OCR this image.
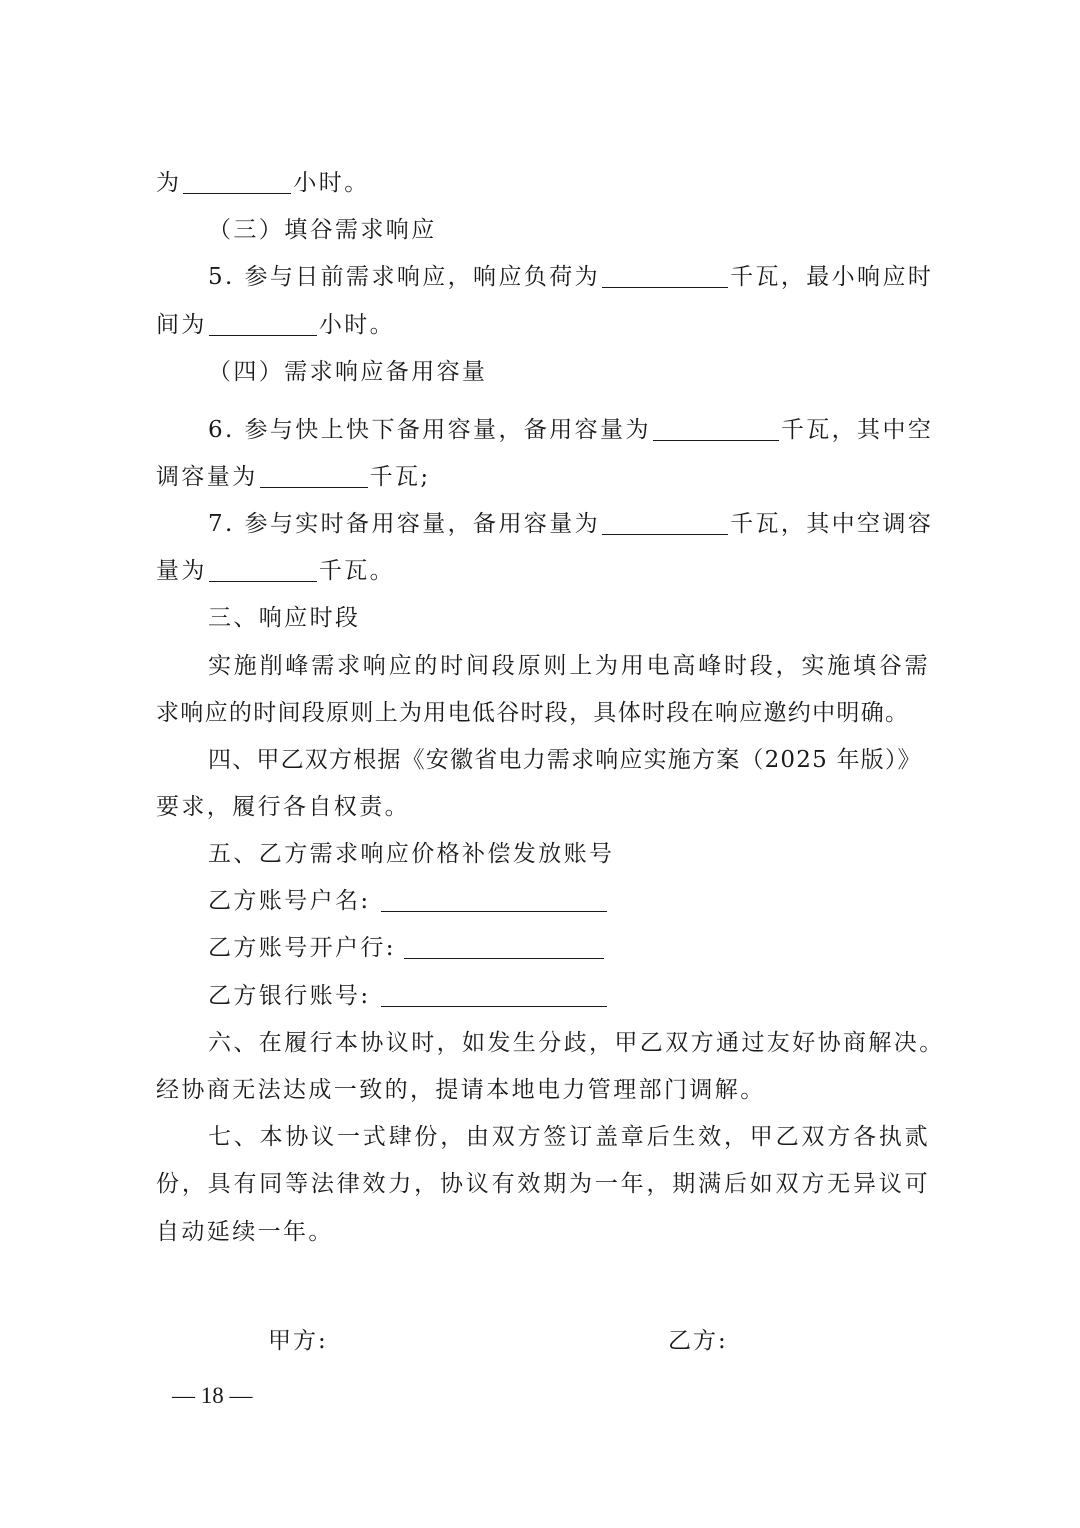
为	小时。
（三）填谷需求响应
5. 参与日前需求响应，响应负荷为	千瓦，最小响应时
间为	小时。
（四）需求响应备用容量
6. 参与快上快下备用容量，备用容量为	千瓦，其中空
调容量为	千瓦;
7. 参与实时备用容量，备用容量为	千瓦，其中空调容
量为	千瓦。
三、响应时段
实施削峰需求响应的时间段原则上为用电高峰时段，实施填谷需
求响应的时间段原则上为用电低谷时段，具体时段在响应邀约中明确。
四、甲乙双方根据《安徽省电力需求响应实施方案（2025 年版）》
要求，履行各自权责。
五、乙方需求响应价格补偿发放账号
乙方账号户名:
乙方账号开户行:
乙方银行账号:
六、在履行本协议时，如发生分歧，甲乙双方通过友好协商解决。
经协商无法达成一致的，提请本地电力管理部门调解。
七、本协议一式肆份，由双方签订盖章后生效，甲乙双方各执贰
份，具有同等法律效力，协议有效期为一年，期满后如双方无异议可
自动延续一年。
甲方:	乙方:
— 18 —
